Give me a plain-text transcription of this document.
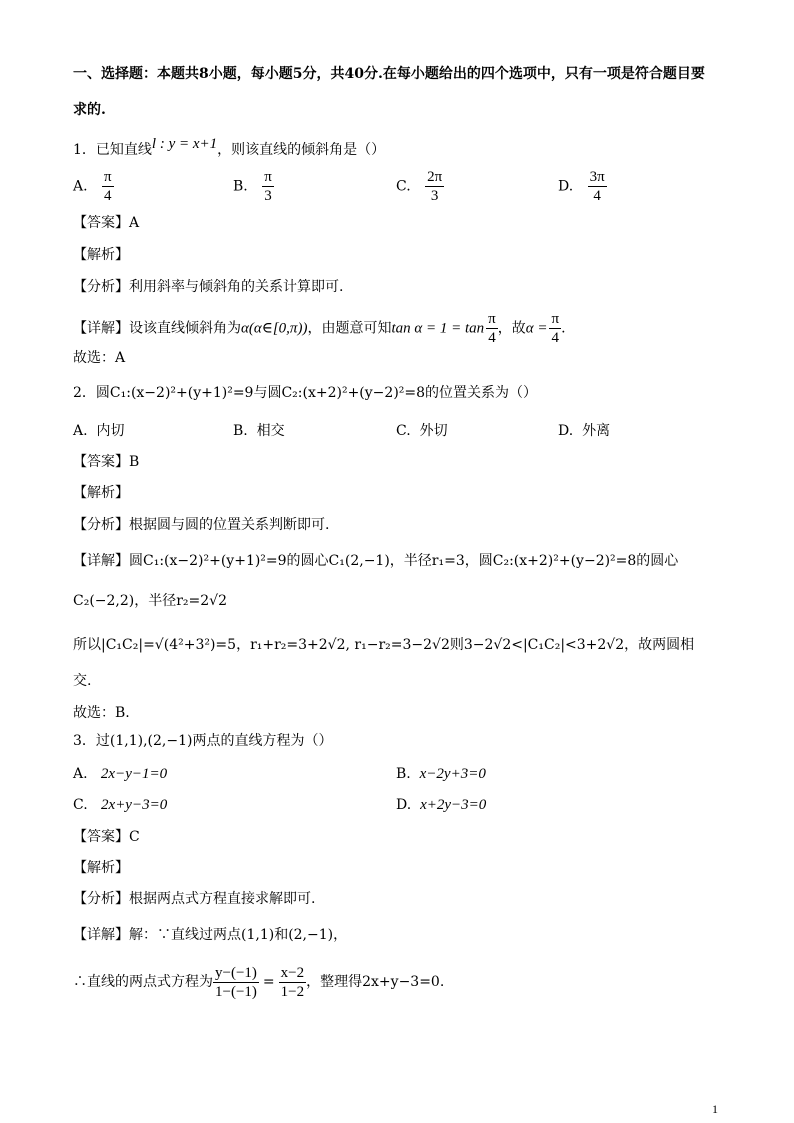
一、选择题：本题共8小题，每小题5分，共40分.在每小题给出的四个选项中，只有一项是符合题目要
求的.
1．已知直线l : y = x+1，则该直线的倾斜角是（）
A. $\frac{\pi}{4}$	B. $\frac{\pi}{3}$	C. $\frac{2\pi}{3}$	D. $\frac{3\pi}{4}$
【答案】A
【解析】
【分析】利用斜率与倾斜角的关系计算即可.
【详解】设该直线倾斜角为α(α∈[0,π))，由题意可知$\tan \alpha = 1 = \tan \frac{\pi}{4}$ ，故$\alpha = \frac{\pi}{4}$ .
故选：A
2．圆C₁:(x−2)²+(y+1)²=9与圆C₂:(x+2)²+(y−2)²=8的位置关系为（）
A. 内切	B. 相交	C. 外切	D. 外离
【答案】B
【解析】
【分析】根据圆与圆的位置关系判断即可.
【详解】圆C₁:(x−2)²+(y+1)²=9的圆心C₁(2,−1)，半径r₁=3，圆C₂:(x+2)²+(y−2)²=8的圆心
C₂(−2,2)，半径r₂=2√2
所以|C₁C₂|=√(4²+3²)=5，r₁+r₂=3+2√2, r₁−r₂=3−2√2则3−2√2<|C₁C₂|<3+2√2，故两圆相
交.
故选：B.
3．过(1,1),(2,−1)两点的直线方程为（）
A. 2x−y−1=0	B. x−2y+3=0
C. 2x+y−3=0	D. x+2y−3=0
【答案】C
【解析】
【分析】根据两点式方程直接求解即可.
【详解】解：∵直线过两点(1,1)和(2,−1)，
∴直线的两点式方程为 $\frac{y-(-1)}{1-(-1)} = \frac{x-2}{1-2}$ ，整理得2x+y−3=0.
1
